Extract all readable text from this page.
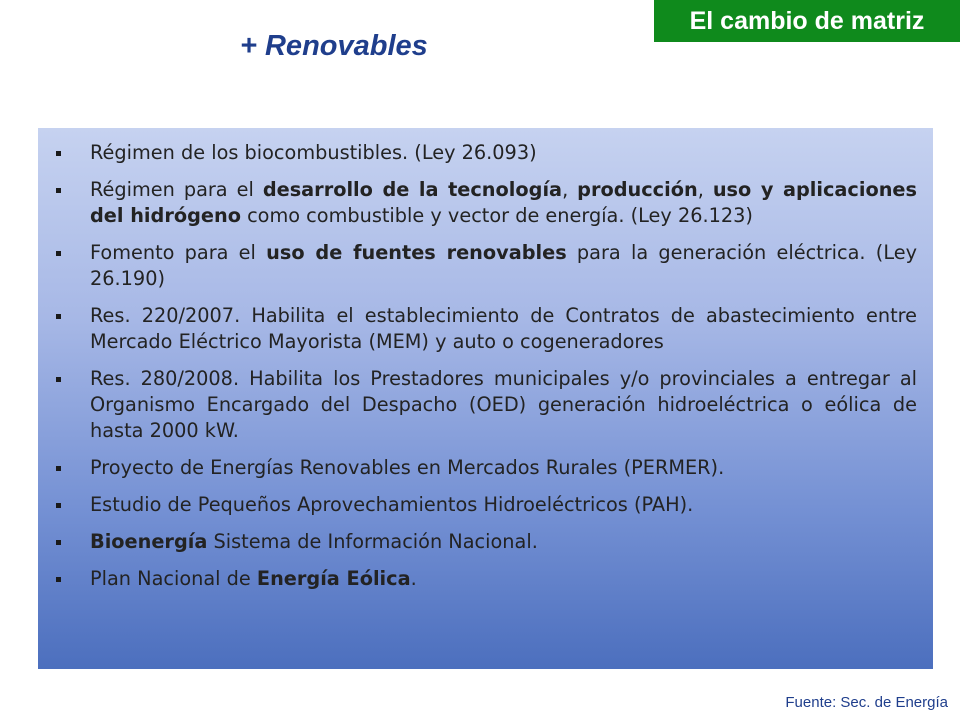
El cambio de matriz
+ Renovables
Régimen de los biocombustibles. (Ley 26.093)
Régimen para el desarrollo de la tecnología, producción, uso y aplicaciones del hidrógeno como combustible y vector de energía. (Ley 26.123)
Fomento para el uso de fuentes renovables para la generación eléctrica. (Ley 26.190)
Res. 220/2007. Habilita el establecimiento de Contratos de abastecimiento entre Mercado Eléctrico Mayorista (MEM) y auto o cogeneradores
Res. 280/2008. Habilita los Prestadores municipales y/o provinciales a entregar al Organismo Encargado del Despacho (OED) generación hidroeléctrica o eólica de hasta 2000 kW.
Proyecto de Energías Renovables en Mercados Rurales (PERMER).
Estudio de Pequeños Aprovechamientos Hidroeléctricos (PAH).
Bioenergía Sistema de Información Nacional.
Plan Nacional de Energía Eólica.
Fuente: Sec. de Energía
